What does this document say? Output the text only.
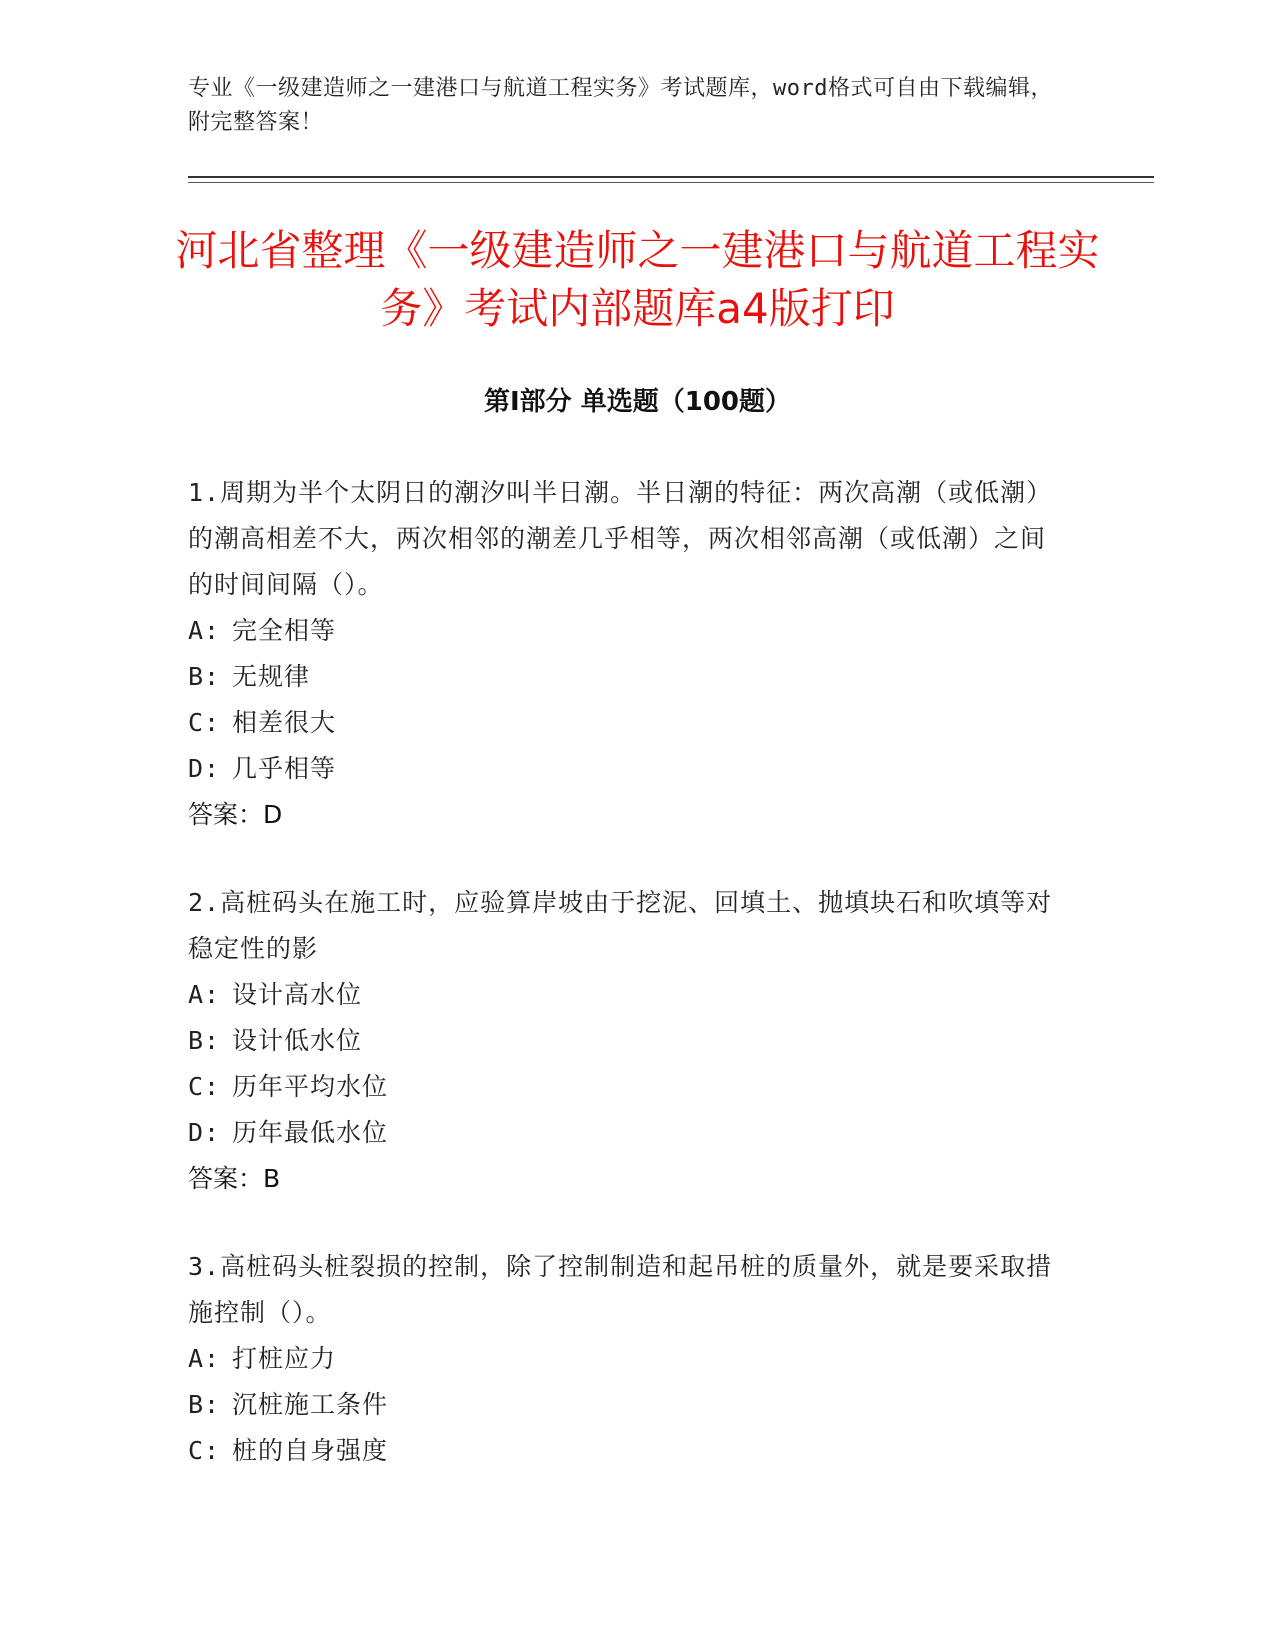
专业《一级建造师之一建港口与航道工程实务》考试题库，word格式可自由下载编辑，附完整答案！
河北省整理《一级建造师之一建港口与航道工程实务》考试内部题库a4版打印
第I部分 单选题（100题）
1.周期为半个太阴日的潮汐叫半日潮。半日潮的特征：两次高潮（或低潮）的潮高相差不大，两次相邻的潮差几乎相等，两次相邻高潮（或低潮）之间的时间间隔（）。
A: 完全相等
B: 无规律
C: 相差很大
D: 几乎相等
答案：D
2.高桩码头在施工时，应验算岸坡由于挖泥、回填土、抛填块石和吹填等对稳定性的影
A: 设计高水位
B: 设计低水位
C: 历年平均水位
D: 历年最低水位
答案：B
3.高桩码头桩裂损的控制，除了控制制造和起吊桩的质量外，就是要采取措施控制（）。
A: 打桩应力
B: 沉桩施工条件
C: 桩的自身强度
